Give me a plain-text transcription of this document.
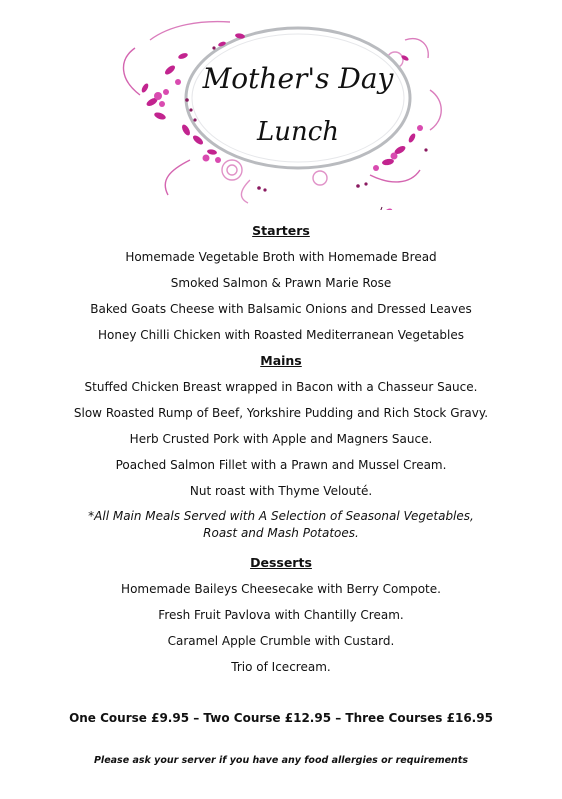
Mother's Day
Lunch
Starters
Homemade Vegetable Broth with Homemade Bread
Smoked Salmon & Prawn Marie Rose
Baked Goats Cheese with Balsamic Onions and Dressed Leaves
Honey Chilli Chicken with Roasted Mediterranean Vegetables
Mains
Stuffed Chicken Breast wrapped in Bacon with a Chasseur Sauce.
Slow Roasted Rump of Beef, Yorkshire Pudding and Rich Stock Gravy.
Herb Crusted Pork with Apple and Magners Sauce.
Poached Salmon Fillet with a Prawn and Mussel Cream.
Nut roast with Thyme Velouté.
*All Main Meals Served with A Selection of Seasonal Vegetables,
Roast and Mash Potatoes.
Desserts
Homemade Baileys Cheesecake with Berry Compote.
Fresh Fruit Pavlova with Chantilly Cream.
Caramel Apple Crumble with Custard.
Trio of Icecream.
One Course £9.95 – Two Course £12.95 – Three Courses £16.95
Please ask your server if you have any food allergies or requirements
